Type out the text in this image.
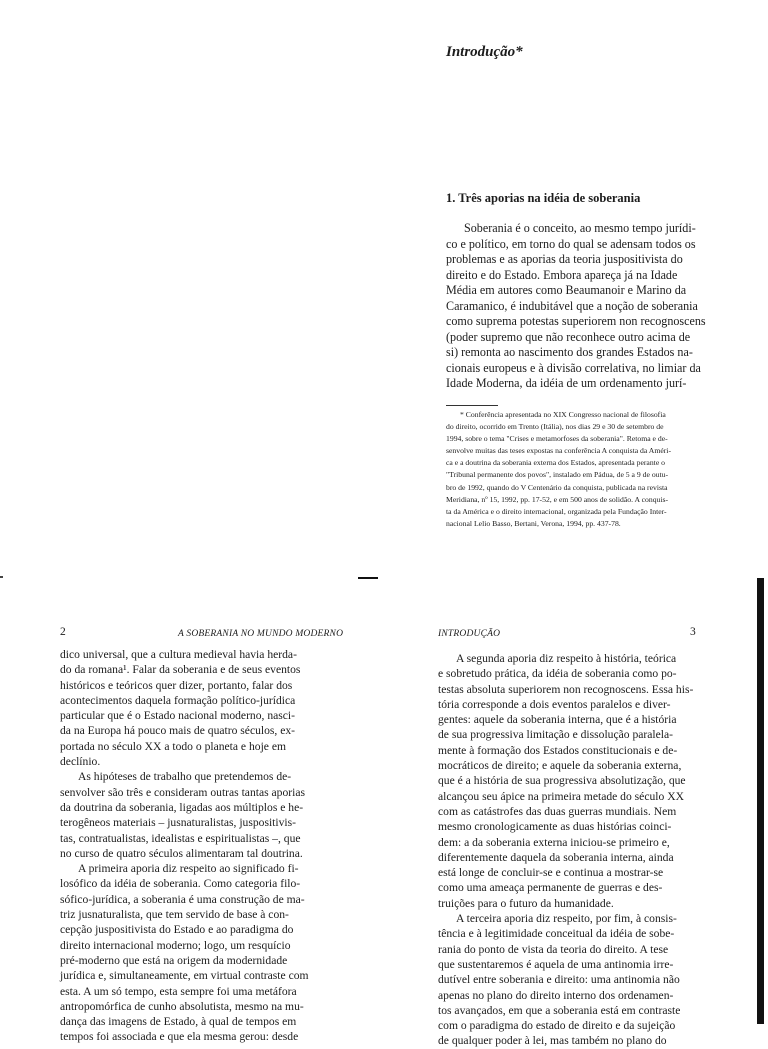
Introdução*
1. Três aporias na idéia de soberania
Soberania é o conceito, ao mesmo tempo jurídi-
co e político, em torno do qual se adensam todos os
problemas e as aporias da teoria juspositivista do
direito e do Estado. Embora apareça já na Idade
Média em autores como Beaumanoir e Marino da
Caramanico, é indubitável que a noção de soberania
como suprema potestas superiorem non recognoscens
(poder supremo que não reconhece outro acima de
si) remonta ao nascimento dos grandes Estados na-
cionais europeus e à divisão correlativa, no limiar da
Idade Moderna, da idéia de um ordenamento jurí-
* Conferência apresentada no XIX Congresso nacional de filosofia
do direito, ocorrido em Trento (Itália), nos dias 29 e 30 de setembro de
1994, sobre o tema "Crises e metamorfoses da soberania". Retoma e de-
senvolve muitas das teses expostas na conferência A conquista da Améri-
ca e a doutrina da soberania externa dos Estados, apresentada perante o
"Tribunal permanente dos povos", instalado em Pádua, de 5 a 9 de outu-
bro de 1992, quando do V Centenário da conquista, publicada na revista
Meridiana, nº 15, 1992, pp. 17-52, e em 500 anos de solidão. A conquis-
ta da América e o direito internacional, organizada pela Fundação Inter-
nacional Lelio Basso, Bertani, Verona, 1994, pp. 437-78.
2	A SOBERANIA NO MUNDO MODERNO
dico universal, que a cultura medieval havia herda-
do da romana¹. Falar da soberania e de seus eventos
históricos e teóricos quer dizer, portanto, falar dos
acontecimentos daquela formação político-jurídica
particular que é o Estado nacional moderno, nasci-
da na Europa há pouco mais de quatro séculos, ex-
portada no século XX a todo o planeta e hoje em
declínio.
As hipóteses de trabalho que pretendemos de-
senvolver são três e consideram outras tantas aporias
da doutrina da soberania, ligadas aos múltiplos e he-
terogêneos materiais – jusnaturalistas, juspositivis-
tas, contratualistas, idealistas e espiritualistas –, que
no curso de quatro séculos alimentaram tal doutrina.
A primeira aporia diz respeito ao significado fi-
losófico da idéia de soberania. Como categoria filo-
sófico-jurídica, a soberania é uma construção de ma-
triz jusnaturalista, que tem servido de base à con-
cepção juspositivista do Estado e ao paradigma do
direito internacional moderno; logo, um resquício
pré-moderno que está na origem da modernidade
jurídica e, simultaneamente, em virtual contraste com
esta. A um só tempo, esta sempre foi uma metáfora
antropomórfica de cunho absolutista, mesmo na mu-
dança das imagens de Estado, à qual de tempos em
tempos foi associada e que ela mesma gerou: desde
INTRODUÇÃO	3
A segunda aporia diz respeito à história, teórica
e sobretudo prática, da idéia de soberania como po-
testas absoluta superiorem non recognoscens. Essa his-
tória corresponde a dois eventos paralelos e diver-
gentes: aquele da soberania interna, que é a história
de sua progressiva limitação e dissolução paralela-
mente à formação dos Estados constitucionais e de-
mocráticos de direito; e aquele da soberania externa,
que é a história de sua progressiva absolutização, que
alcançou seu ápice na primeira metade do século XX
com as catástrofes das duas guerras mundiais. Nem
mesmo cronologicamente as duas histórias coinci-
dem: a da soberania externa iniciou-se primeiro e,
diferentemente daquela da soberania interna, ainda
está longe de concluir-se e continua a mostrar-se
como uma ameaça permanente de guerras e des-
truições para o futuro da humanidade.
A terceira aporia diz respeito, por fim, à consis-
tência e à legitimidade conceitual da idéia de sobe-
rania do ponto de vista da teoria do direito. A tese
que sustentaremos é aquela de uma antinomia irre-
dutível entre soberania e direito: uma antinomia não
apenas no plano do direito interno dos ordenamen-
tos avançados, em que a soberania está em contraste
com o paradigma do estado de direito e da sujeição
de qualquer poder à lei, mas também no plano do
